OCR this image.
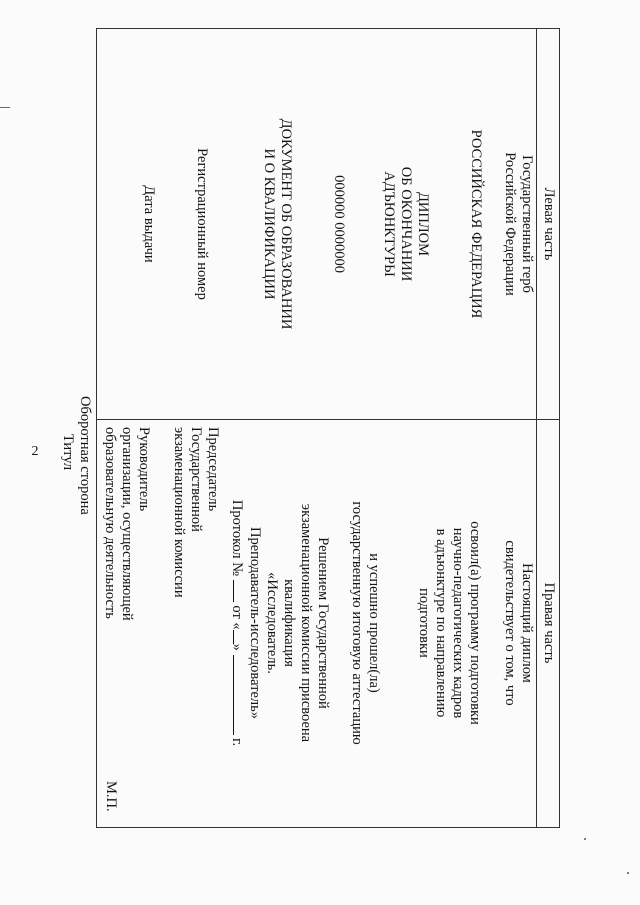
2 Титул Оборотная сторона
Левая часть
Государственный герб
Российской Федерации
РОССИЙСКАЯ ФЕДЕРАЦИЯ
ДИПЛОМ
ОБ ОКОНЧАНИИ
АДЪЮНКТУРЫ
000000 0000000
ДОКУМЕНТ ОБ ОБРАЗОВАНИИ
И О КВАЛИФИКАЦИИ
Регистрационный номер
Дата выдачи
Правая часть
Настоящий диплом
свидетельствует о том, что
освоил(а) программу подготовки
научно-педагогических кадров
в адъюнктуре по направлению
подготовки
и успешно прошел(ла)
государственную итоговую аттестацию
Решением Государственной
экзаменационной комиссии присвоена
квалификация
«Исследователь.
Преподаватель-исследователь»
Протокол №  от «»  г.
Председатель
Государственной
экзаменационной комиссии
Руководитель
организации, осуществляющей
образовательную деятельность
М.П.
